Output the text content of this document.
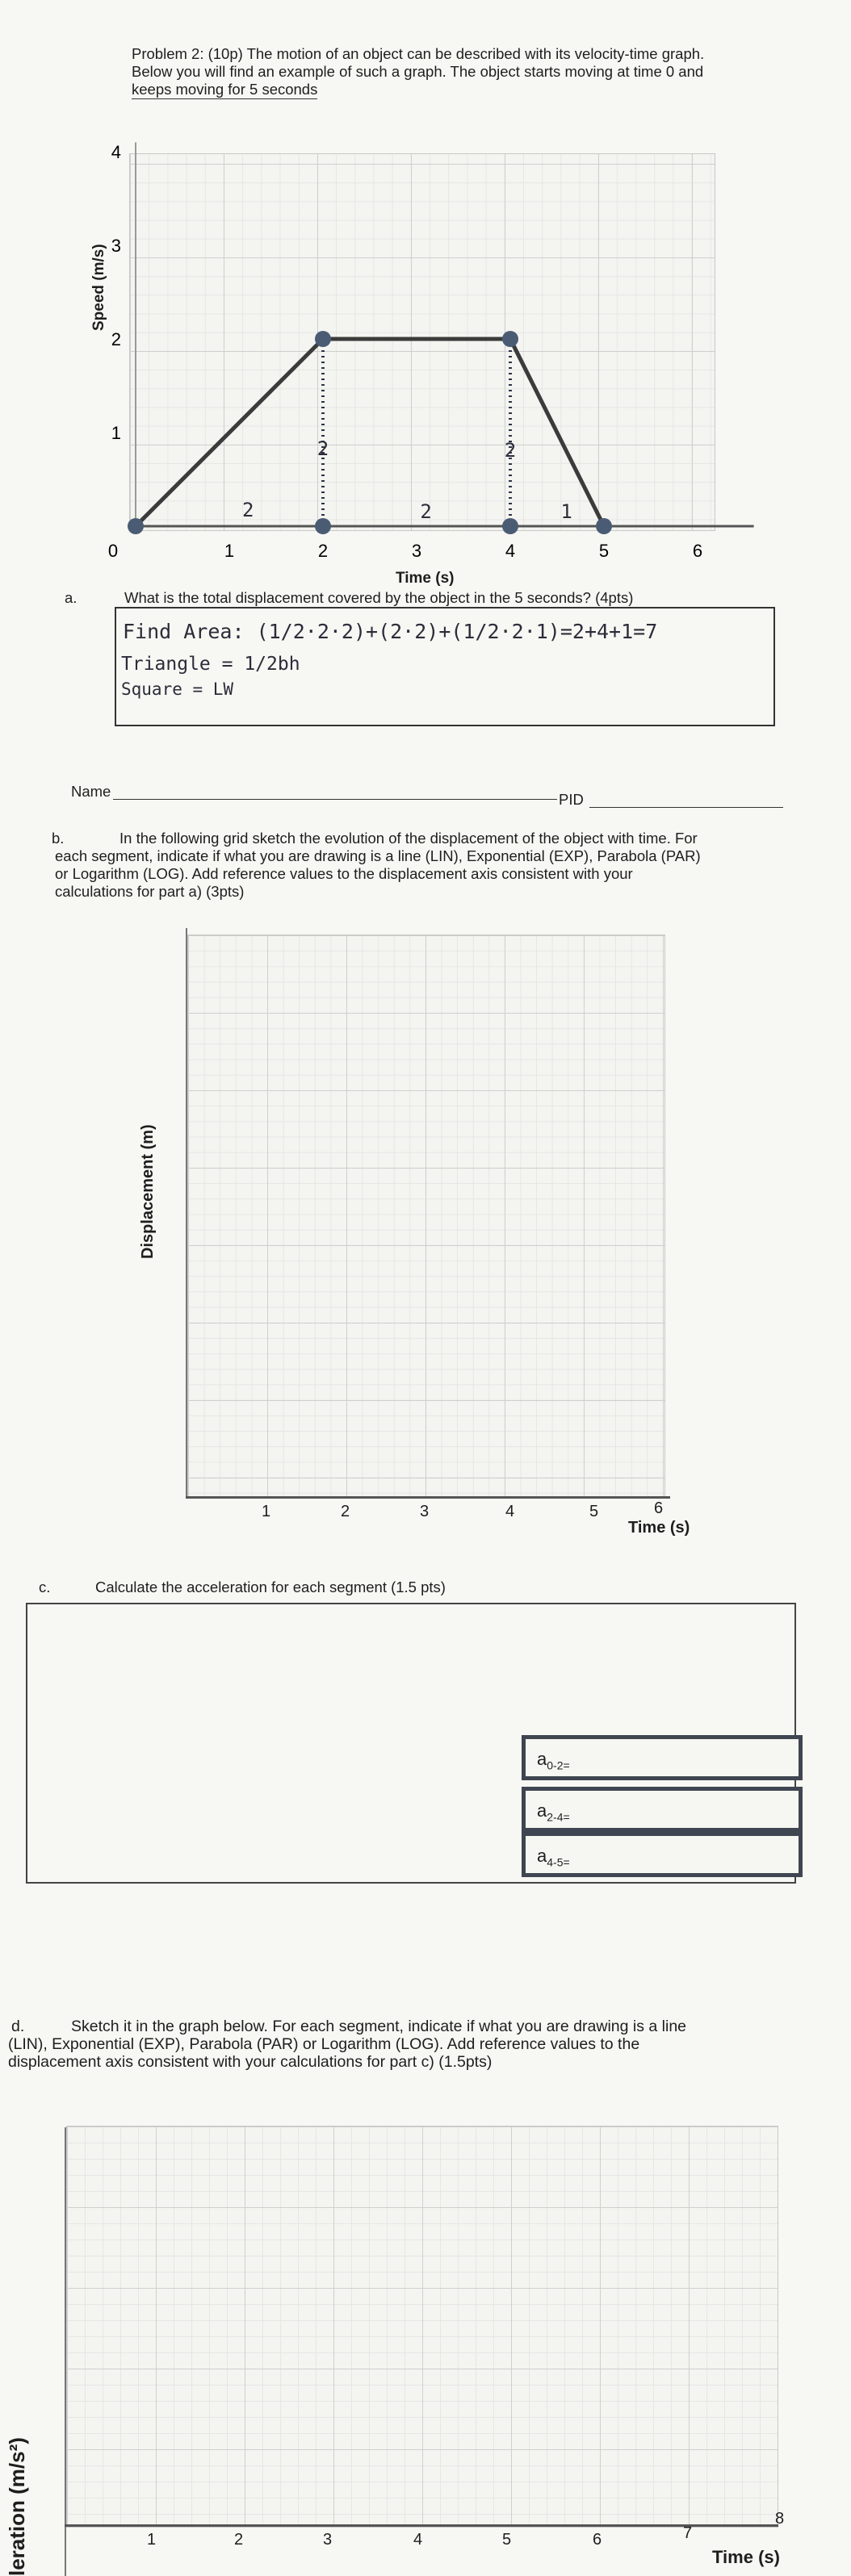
Problem 2: (10p) The motion of an object can be described with its velocity-time graph.
Below you will find an example of such a graph. The object starts moving at time 0 and
keeps moving for 5 seconds
0	1	2	3	4	5	6
1
2
3
4
2
2
2
2
1
Speed (m/s)
Time (s)
a.	What is the total displacement covered by the object in the 5 seconds? (4pts)
Find Area: (1/2·2·2)+(2·2)+(1/2·2·1)=2+4+1=7
Triangle = 1/2bh
Square = LW
Name	PID
b.	In the following grid sketch the evolution of the displacement of the object with time. For
each segment, indicate if what you are drawing is a line (LIN), Exponential (EXP), Parabola (PAR)
or Logarithm (LOG). Add reference values to the displacement axis consistent with your
calculations for part a) (3pts)
Displacement (m)
1	2	3	4	5	6
Time (s)
c.	Calculate the acceleration for each segment (1.5 pts)
$a_{0-2=}$
$a_{2-4=}$
$a_{4-5=}$
d.	Sketch it in the graph below. For each segment, indicate if what you are drawing is a line
(LIN), Exponential (EXP), Parabola (PAR) or Logarithm (LOG). Add reference values to the
displacement axis consistent with your calculations for part c) (1.5pts)
leration (m/s²)	1	2	3	4	5	6	7
8
Time (s)
